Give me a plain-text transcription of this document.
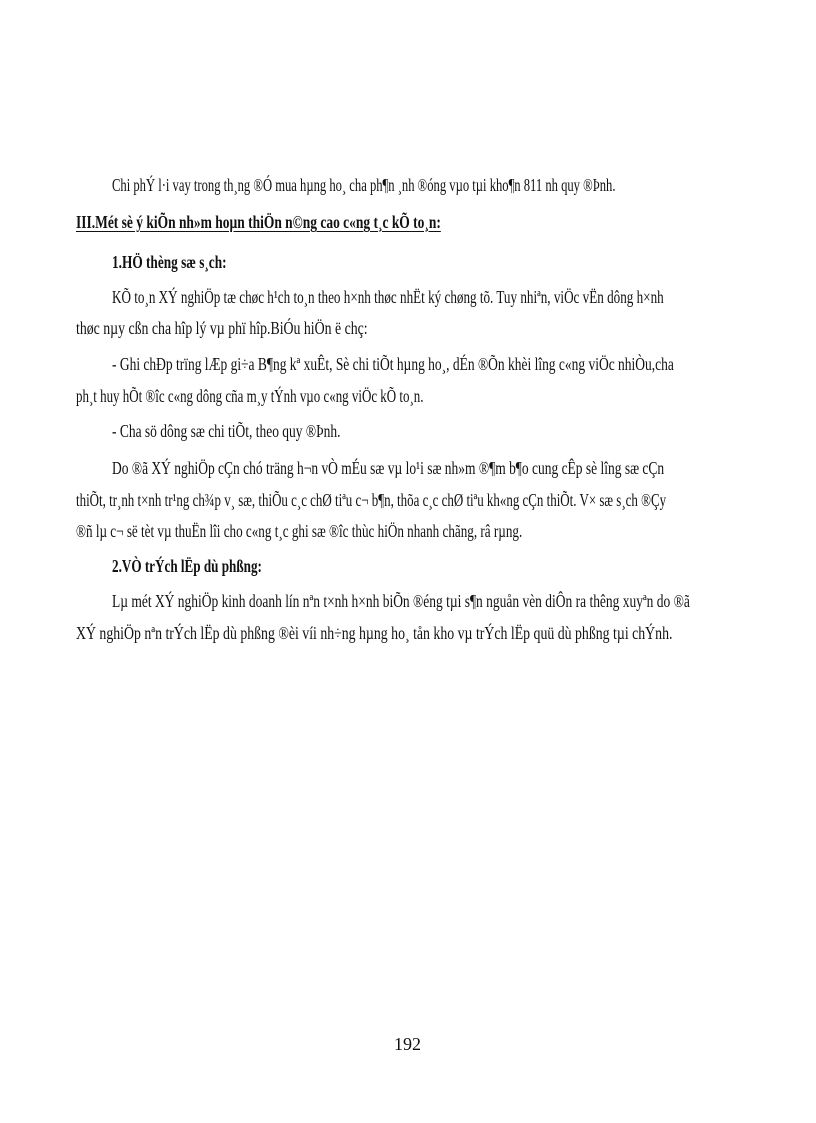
Chi phÝ l·i vay trong th¸ng ®Ó mua hµng ho¸ cha ph¶n ¸nh ®óng vµo tµi kho¶n 811 nh quy ®Þnh.
III.Mét sè ý kiÕn nh»m hoµn thiÖn n©ng cao c«ng t¸c kÕ to¸n:
1.HÖ thèng sæ s¸ch:
KÕ to¸n XÝ nghiÖp tæ chøc h¹ch to¸n theo h×nh thøc nhËt ký chøng tõ. Tuy nhiªn, viÖc vËn dông h×nh
thøc nµy cßn cha hîp lý vµ phï hîp.BiÓu hiÖn ë chç:
- Ghi chÐp trïng lÆp gi÷a B¶ng kª xuÊt, Sè chi tiÕt hµng ho¸, dÉn ®Õn khèi lîng c«ng viÖc nhiÒu,cha
ph¸t huy hÕt ®îc c«ng dông cña m¸y tÝnh vµo c«ng viÖc kÕ to¸n.
- Cha sö dông sæ chi tiÕt, theo quy ®Þnh.
Do ®ã XÝ nghiÖp cÇn chó träng h¬n vÒ mÉu sæ vµ lo¹i sæ nh»m ®¶m b¶o cung cÊp sè lîng sæ cÇn
thiÕt, tr¸nh t×nh tr¹ng ch¾p v¸ sæ, thiÕu c¸c chØ tiªu c¬ b¶n, thõa c¸c chØ tiªu kh«ng cÇn thiÕt. V× sæ s¸ch ®Çy
®ñ lµ c¬ së tèt vµ thuËn lîi cho c«ng t¸c ghi sæ ®îc thùc hiÖn nhanh chãng, râ rµng.
2.VÒ trÝch lËp dù phßng:
Lµ mét XÝ nghiÖp kinh doanh lín nªn t×nh h×nh biÕn ®éng tµi s¶n nguån vèn diÔn ra thêng xuyªn do ®ã
XÝ nghiÖp nªn trÝch lËp dù phßng ®èi víi nh÷ng hµng ho¸ tån kho vµ trÝch lËp quü dù phßng tµi chÝnh.
192
